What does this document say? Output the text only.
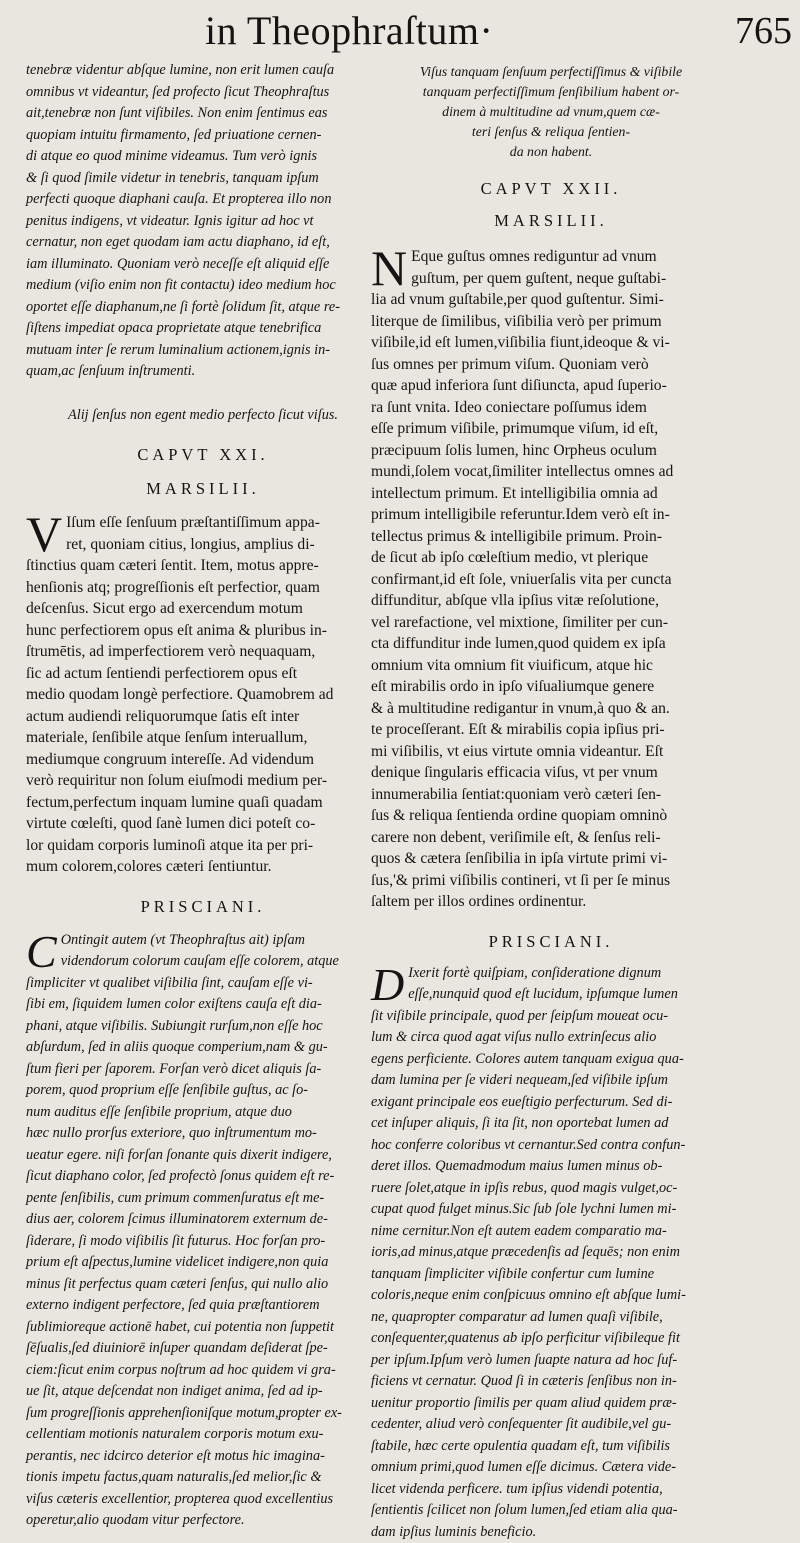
in Theophraſtum·	765
tenebræ videntur abſque lumine, non erit lumen cauſa
omnibus vt videantur, ſed profecto ſicut Theophraſtus
ait,tenebræ non ſunt viſibiles. Non enim ſentimus eas
quopiam intuitu firmamento, ſed priuatione cernen-
di atque eo quod minime videamus. Tum verò ignis
& ſi quod ſimile videtur in tenebris, tanquam ipſum
perfecti quoque diaphani cauſa. Et propterea illo non
penitus indigens, vt videatur. Ignis igitur ad hoc vt
cernatur, non eget quodam iam actu diaphano, id eſt,
iam illuminato. Quoniam verò neceſſe eſt aliquid eſſe
medium (viſio enim non fit contactu) ideo medium hoc
oportet eſſe diaphanum,ne ſi fortè ſolidum ſit, atque re-
ſiſtens impediat opaca proprietate atque tenebrifica
mutuam inter ſe rerum luminalium actionem,ignis in-
quam,ac ſenſuum inſtrumenti.
Alij ſenſus non egent medio perfecto ſicut viſus.
CAPVT XXI.
MARSILII.
V Iſum eſſe ſenſuum præſtantiſſimum appa-
ret, quoniam citius, longius, amplius di-
ſtinctius quam cæteri ſentit. Item, motus appre-
henſionis atq; progreſſionis eſt perfectior, quam
deſcenſus. Sicut ergo ad exercendum motum
hunc perfectiorem opus eſt anima & pluribus in-
ſtrumētis, ad imperfectiorem verò nequaquam,
ſic ad actum ſentiendi perfectiorem opus eſt
medio quodam longè perfectiore. Quamobrem ad
actum audiendi reliquorumque ſatis eſt inter
materiale, ſenſibile atque ſenſum interuallum,
mediumque congruum intereſſe. Ad videndum
verò requiritur non ſolum eiuſmodi medium per-
fectum,perfectum inquam lumine quaſi quadam
virtute cœleſti, quod ſanè lumen dici poteſt co-
lor quidam corporis luminoſi atque ita per pri-
mum colorem,colores cæteri ſentiuntur.
PRISCIANI.
C Ontingit autem (vt Theophraſtus ait) ipſam
videndorum colorum cauſam eſſe colorem, atque
ſimpliciter vt qualibet viſibilia ſint, cauſam eſſe vi-
ſibi em, ſiquidem lumen color exiſtens cauſa eſt dia-
phani, atque viſibilis. Subiungit rurſum,non eſſe hoc
abſurdum, ſed in aliis quoque comperium,nam & gu-
ſtum fieri per ſaporem. Forſan verò dicet aliquis ſa-
porem, quod proprium eſſe ſenſibile guſtus, ac ſo-
num auditus eſſe ſenſibile proprium, atque duo
hæc nullo prorſus exteriore, quo inſtrumentum mo-
ueatur egere. niſi forſan ſonante quis dixerit indigere,
ſicut diaphano color, ſed profectò ſonus quidem eſt re-
pente ſenſibilis, cum primum commenſuratus eſt me-
dius aer, colorem ſcimus illuminatorem externum de-
ſiderare, ſi modo viſibilis ſit futurus. Hoc forſan pro-
prium eſt aſpectus,lumine videlicet indigere,non quia
minus ſit perfectus quam cæteri ſenſus, qui nullo alio
externo indigent perfectore, ſed quia præſtantiorem
ſublimioreque actionē habet, cui potentia non ſuppetit
ſēſualis,ſed diuiniorē inſuper quandam deſiderat ſpe-
ciem:ſicut enim corpus noſtrum ad hoc quidem vi gra-
ue ſit, atque deſcendat non indiget anima, ſed ad ip-
ſum progreſſionis apprehenſioniſque motum,propter ex-
cellentiam motionis naturalem corporis motum exu-
perantis, nec idcirco deterior eſt motus hic imagina-
tionis impetu factus,quam naturalis,ſed melior,ſic &
viſus cæteris excellentior, propterea quod excellentius
operetur,alio quodam vitur perfectore.
Viſus tanquam ſenſuum perfectiſſimus & viſibile
tanquam perfectiſſimum ſenſibilium habent or-
dinem à multitudine ad vnum,quem cæ-
teri ſenſus & reliqua ſentien-
da non habent.
CAPVT XXII.
MARSILII.
N Eque guſtus omnes rediguntur ad vnum
guſtum, per quem guſtent, neque guſtabi-
lia ad vnum guſtabile,per quod guſtentur. Simi-
literque de ſimilibus, viſibilia verò per primum
viſibile,id eſt lumen,viſibilia fiunt,ideoque & vi-
ſus omnes per primum viſum. Quoniam verò
quæ apud inferiora ſunt diſiuncta, apud ſuperio-
ra ſunt vnita. Ideo coniectare poſſumus idem
eſſe primum viſibile, primumque viſum, id eſt,
præcipuum ſolis lumen, hinc Orpheus oculum
mundi,ſolem vocat,ſimiliter intellectus omnes ad
intellectum primum. Et intelligibilia omnia ad
primum intelligibile referuntur.Idem verò eſt in-
tellectus primus & intelligibile primum. Proin-
de ſicut ab ipſo cœleſtium medio, vt plerique
confirmant,id eſt ſole, vniuerſalis vita per cuncta
diffunditur, abſque vlla ipſius vitæ reſolutione,
vel rarefactione, vel mixtione, ſimiliter per cun-
cta diffunditur inde lumen,quod quidem ex ipſa
omnium vita omnium fit viuificum, atque hic
eſt mirabilis ordo in ipſo viſualiumque genere
& à multitudine redigantur in vnum,à quo & an.
te proceſſerant. Eſt & mirabilis copia ipſius pri-
mi viſibilis, vt eius virtute omnia videantur. Eſt
denique ſingularis efficacia viſus, vt per vnum
innumerabilia ſentiat:quoniam verò cæteri ſen-
ſus & reliqua ſentienda ordine quopiam omninò
carere non debent, veriſimile eſt, & ſenſus reli-
quos & cætera ſenſibilia in ipſa virtute primi vi-
ſus,'& primi viſibilis contineri, vt ſi per ſe minus
ſaltem per illos ordines ordinentur.
PRISCIANI.
D Ixerit fortè quiſpiam, conſideratione dignum
eſſe,nunquid quod eſt lucidum, ipſumque lumen
ſit viſibile principale, quod per ſeipſum moueat ocu-
lum & circa quod agat viſus nullo extrinſecus alio
egens perficiente. Colores autem tanquam exigua qua-
dam lumina per ſe videri nequeam,ſed viſibile ipſum
exigant principale eos eueſtigio perfecturum. Sed di-
cet inſuper aliquis, ſi ita ſit, non oportebat lumen ad
hoc conferre coloribus vt cernantur.Sed contra confun-
deret illos. Quemadmodum maius lumen minus ob-
ruere ſolet,atque in ipſis rebus, quod magis vulget,oc-
cupat quod fulget minus.Sic ſub ſole lychni lumen mi-
nime cernitur.Non eſt autem eadem comparatio ma-
ioris,ad minus,atque præcedenſis ad ſequēs; non enim
tanquam ſimpliciter viſibile confertur cum lumine
coloris,neque enim conſpicuus omnino eſt abſque lumi-
ne, quapropter comparatur ad lumen quaſi viſibile,
conſequenter,quatenus ab ipſo perficitur viſibileque fit
per ipſum.Ipſum verò lumen ſuapte natura ad hoc ſuf-
ficiens vt cernatur. Quod ſi in cæteris ſenſibus non in-
uenitur proportio ſimilis per quam aliud quidem præ-
cedenter, aliud verò conſequenter ſit audibile,vel gu-
ſtabile, hæc certe opulentia quadam eſt, tum viſibilis
omnium primi,quod lumen eſſe dicimus. Cætera vide-
licet videnda perficere. tum ipſius videndi potentia,
ſentientis ſcilicet non ſolum lumen,ſed etiam alia qua-
dam ipſius luminis beneficio.
